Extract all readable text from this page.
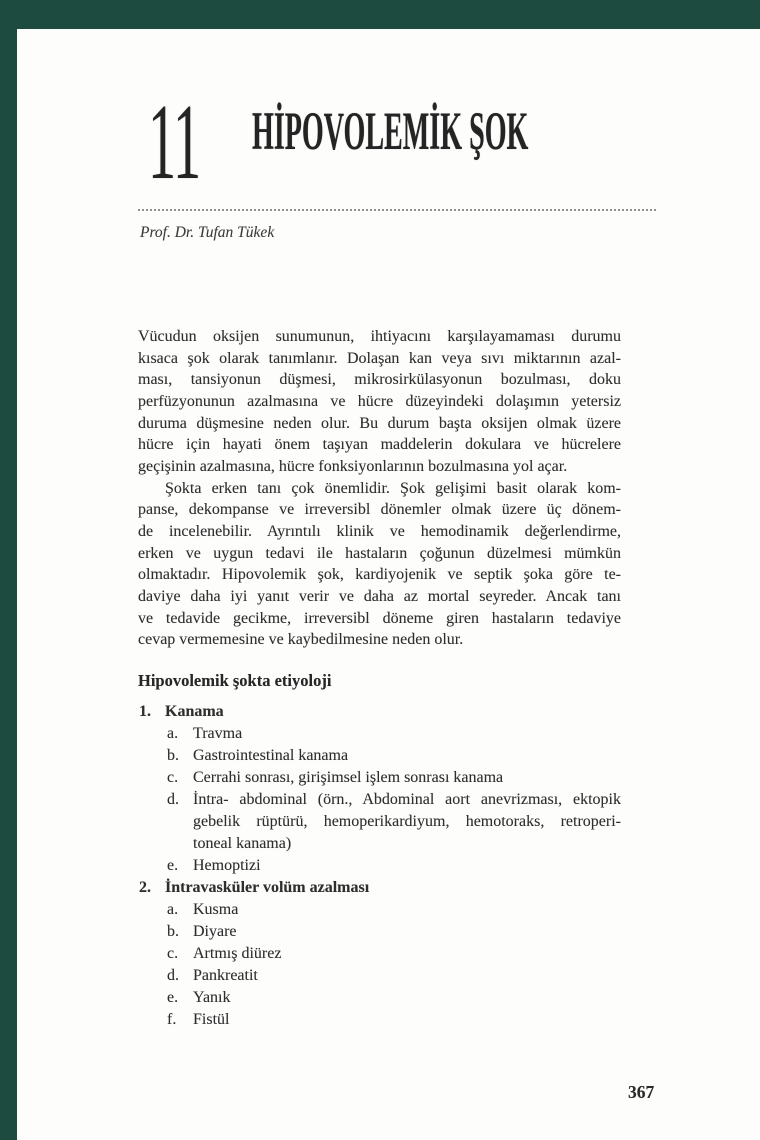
11 HİPOVOLEMİK ŞOK
Prof. Dr. Tufan Tükek
Vücudun oksijen sunumunun, ihtiyacını karşılayamaması durumu
kısaca şok olarak tanımlanır. Dolaşan kan veya sıvı miktarının azal-
ması, tansiyonun düşmesi, mikrosirkülasyonun bozulması, doku
perfüzyonunun azalmasına ve hücre düzeyindeki dolaşımın yetersiz
duruma düşmesine neden olur. Bu durum başta oksijen olmak üzere
hücre için hayati önem taşıyan maddelerin dokulara ve hücrelere
geçişinin azalmasına, hücre fonksiyonlarının bozulmasına yol açar.
Şokta erken tanı çok önemlidir. Şok gelişimi basit olarak kom-
panse, dekompanse ve irreversibl dönemler olmak üzere üç dönem-
de incelenebilir. Ayrıntılı klinik ve hemodinamik değerlendirme,
erken ve uygun tedavi ile hastaların çoğunun düzelmesi mümkün
olmaktadır. Hipovolemik şok, kardiyojenik ve septik şoka göre te-
daviye daha iyi yanıt verir ve daha az mortal seyreder. Ancak tanı
ve tedavide gecikme, irreversibl döneme giren hastaların tedaviye
cevap vermemesine ve kaybedilmesine neden olur.
Hipovolemik şokta etiyoloji
1. Kanama
a. Travma
b. Gastrointestinal kanama
c. Cerrahi sonrası, girişimsel işlem sonrası kanama
d. İntra- abdominal (örn., Abdominal aort anevrizması, ektopik
gebelik rüptürü, hemoperikardiyum, hemotoraks, retroperi-
toneal kanama)
e. Hemoptizi
2. İntravasküler volüm azalması
a. Kusma
b. Diyare
c. Artmış diürez
d. Pankreatit
e. Yanık
f. Fistül
367
